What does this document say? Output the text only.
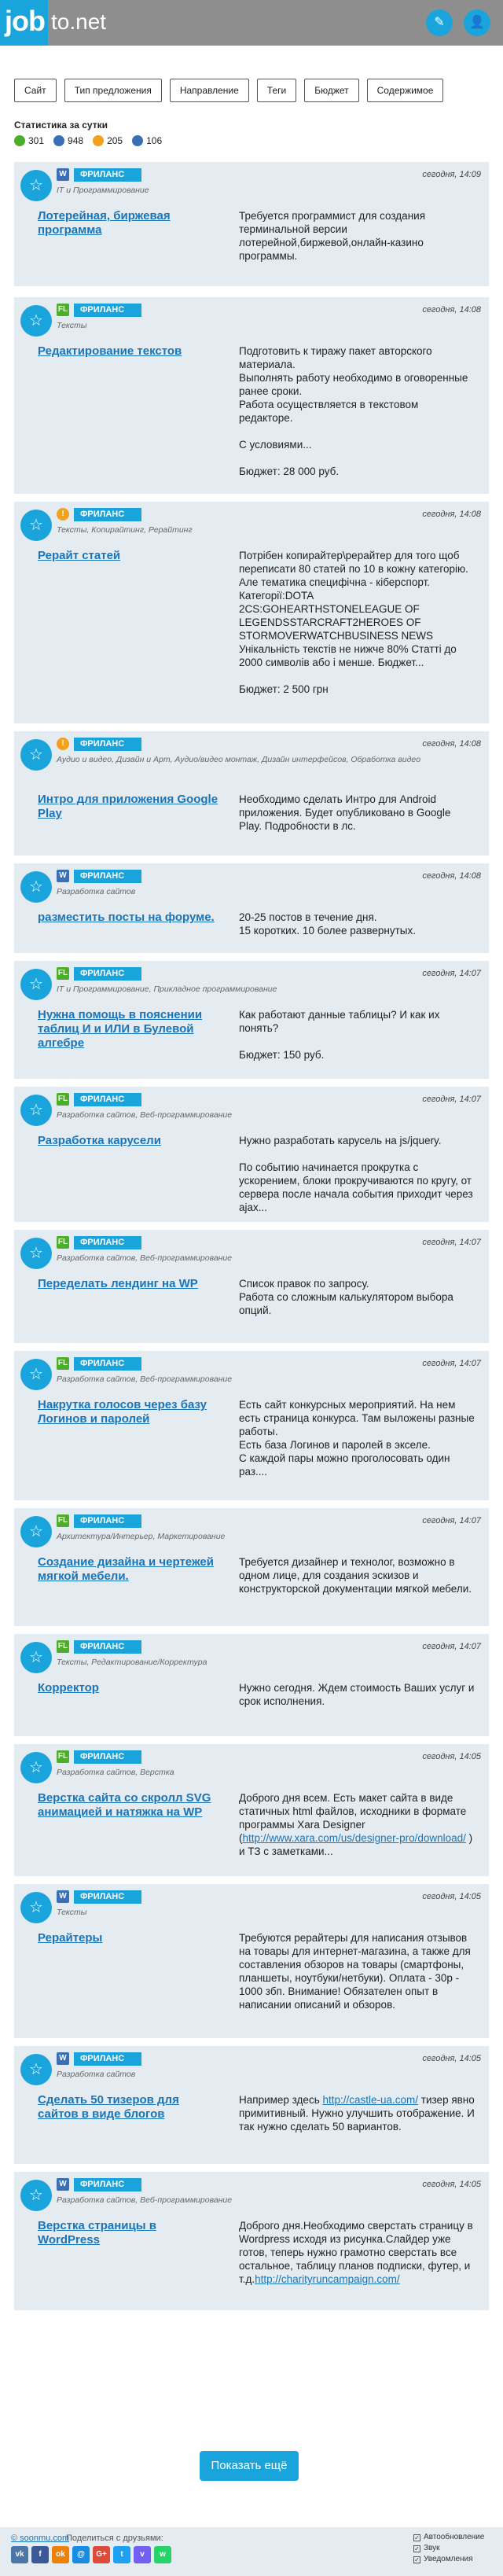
job to.net	✎	👤
Сайт	Тип предложения	Направление	Теги	Бюджет	Содержимое
Статистика за сутки
301	948	205	106
☆
W	ФРИЛАНС	сегодня, 14:09
IT и Программирование
Лотерейная, биржевая программа
Требуется программист для создания терминальной версии лотерейной,биржевой,онлайн-казино программы.
☆
FL	ФРИЛАНС	сегодня, 14:08
Тексты
Редактирование текстов	Подготовить к тиражу пакет авторского материала.
Выполнять работу необходимо в оговоренные ранее сроки.
Работа осуществляется в текстовом редакторе.

С условиями...

Бюджет: 28 000 руб.
☆
!	ФРИЛАНС	сегодня, 14:08
Тексты, Копирайтинг, Рерайтинг
Рерайт статей	Потрібен копирайтер\рерайтер для того щоб переписати 80 статей по 10 в кожну категорію. Але тематика специфічна - кіберспорт. Категорії:DOTA 2CS:GOHEARTHSTONELEAGUE OF LEGENDSSTARCRAFT2HEROES OF STORMOVERWATCHBUSINESS NEWS Унікальність текстів не нижче 80% Статті до 2000 символів або і менше. Бюджет...

Бюджет: 2 500 грн
☆
!	ФРИЛАНС	сегодня, 14:08
Аудио и видео, Дизайн и Арт, Аудио/видео монтаж, Дизайн интерфейсов, Обработка видео
Интро для приложения Google Play
Необходимо сделать Интро для Android приложения. Будет опубликовано в Google Play. Подробности в лс.
☆
W	ФРИЛАНС	сегодня, 14:08
Разработка сайтов
разместить посты на форуме.	20-25 постов в течение дня.
15 коротких. 10 более развернутых.
☆
FL	ФРИЛАНС	сегодня, 14:07
IT и Программирование, Прикладное программирование
Нужна помощь в пояснении таблиц И и ИЛИ в Булевой алгебре
Как работают данные таблицы? И как их понять?

Бюджет: 150 руб.
☆
FL	ФРИЛАНС	сегодня, 14:07
Разработка сайтов, Веб-программирование
Разработка карусели	Нужно разработать карусель на js/jquery.

По событию начинается прокрутка с ускорением, блоки прокручиваются по кругу, от сервера после начала события приходит через ajax...
☆
FL	ФРИЛАНС	сегодня, 14:07
Разработка сайтов, Веб-программирование
Переделать лендинг на WP	Список правок по запросу.
Работа со сложным калькулятором выбора опций.
☆
FL	ФРИЛАНС	сегодня, 14:07
Разработка сайтов, Веб-программирование
Накрутка голосов через базу Логинов и паролей
Есть сайт конкурсных мероприятий. На нем есть страница конкурса. Там выложены разные работы.
Есть база Логинов и паролей в экселе.
С каждой пары можно проголосовать один раз....
☆
FL	ФРИЛАНС	сегодня, 14:07
Архитектура/Интерьер, Маркетирование
Создание дизайна и чертежей мягкой мебели.
Требуется дизайнер и технолог, возможно в одном лице, для создания эскизов и конструкторской документации мягкой мебели.
☆
FL	ФРИЛАНС	сегодня, 14:07
Тексты, Редактирование/Корректура
Корректор	Нужно сегодня. Ждем стоимость Ваших услуг и срок исполнения.
☆
FL	ФРИЛАНС	сегодня, 14:05
Разработка сайтов, Верстка
Верстка сайта со скролл SVG анимацией и натяжка на WP
Доброго дня всем. Есть макет сайта в виде статичных html файлов, исходники в формате программы Xara Designer (http://www.xara.com/us/designer-pro/download/ ) и ТЗ с заметками...
☆
W	ФРИЛАНС	сегодня, 14:05
Тексты
Рерайтеры	Требуются рерайтеры для написания отзывов на товары для интернет-магазина, а также для составления обзоров на товары (смартфоны, планшеты, ноутбуки/нетбуки). Оплата - 30р - 1000 збп. Внимание! Обязателен опыт в написании описаний и обзоров.
☆
W	ФРИЛАНС	сегодня, 14:05
Разработка сайтов
Сделать 50 тизеров для сайтов в виде блогов
Например здесь http://castle-ua.com/ тизер явно примитивный. Нужно улучшить отображение. И так нужно сделать 50 вариантов.
☆
W	ФРИЛАНС	сегодня, 14:05
Разработка сайтов, Веб-программирование
Верстка страницы в WordPress
Доброго дня.Необходимо сверстать страницу в Wordpress исходя из рисунка.Слайдер уже готов, теперь нужно грамотно сверстать все остальное, таблицу планов подписки, футер, и т.д.http://charityruncampaign.com/
Показать ещё
© soonmu.com
Поделиться с друзьями:
vk	f	ok	@	G+	t	v	w
✓ Автообновление
✓ Звук
✓ Уведомления
